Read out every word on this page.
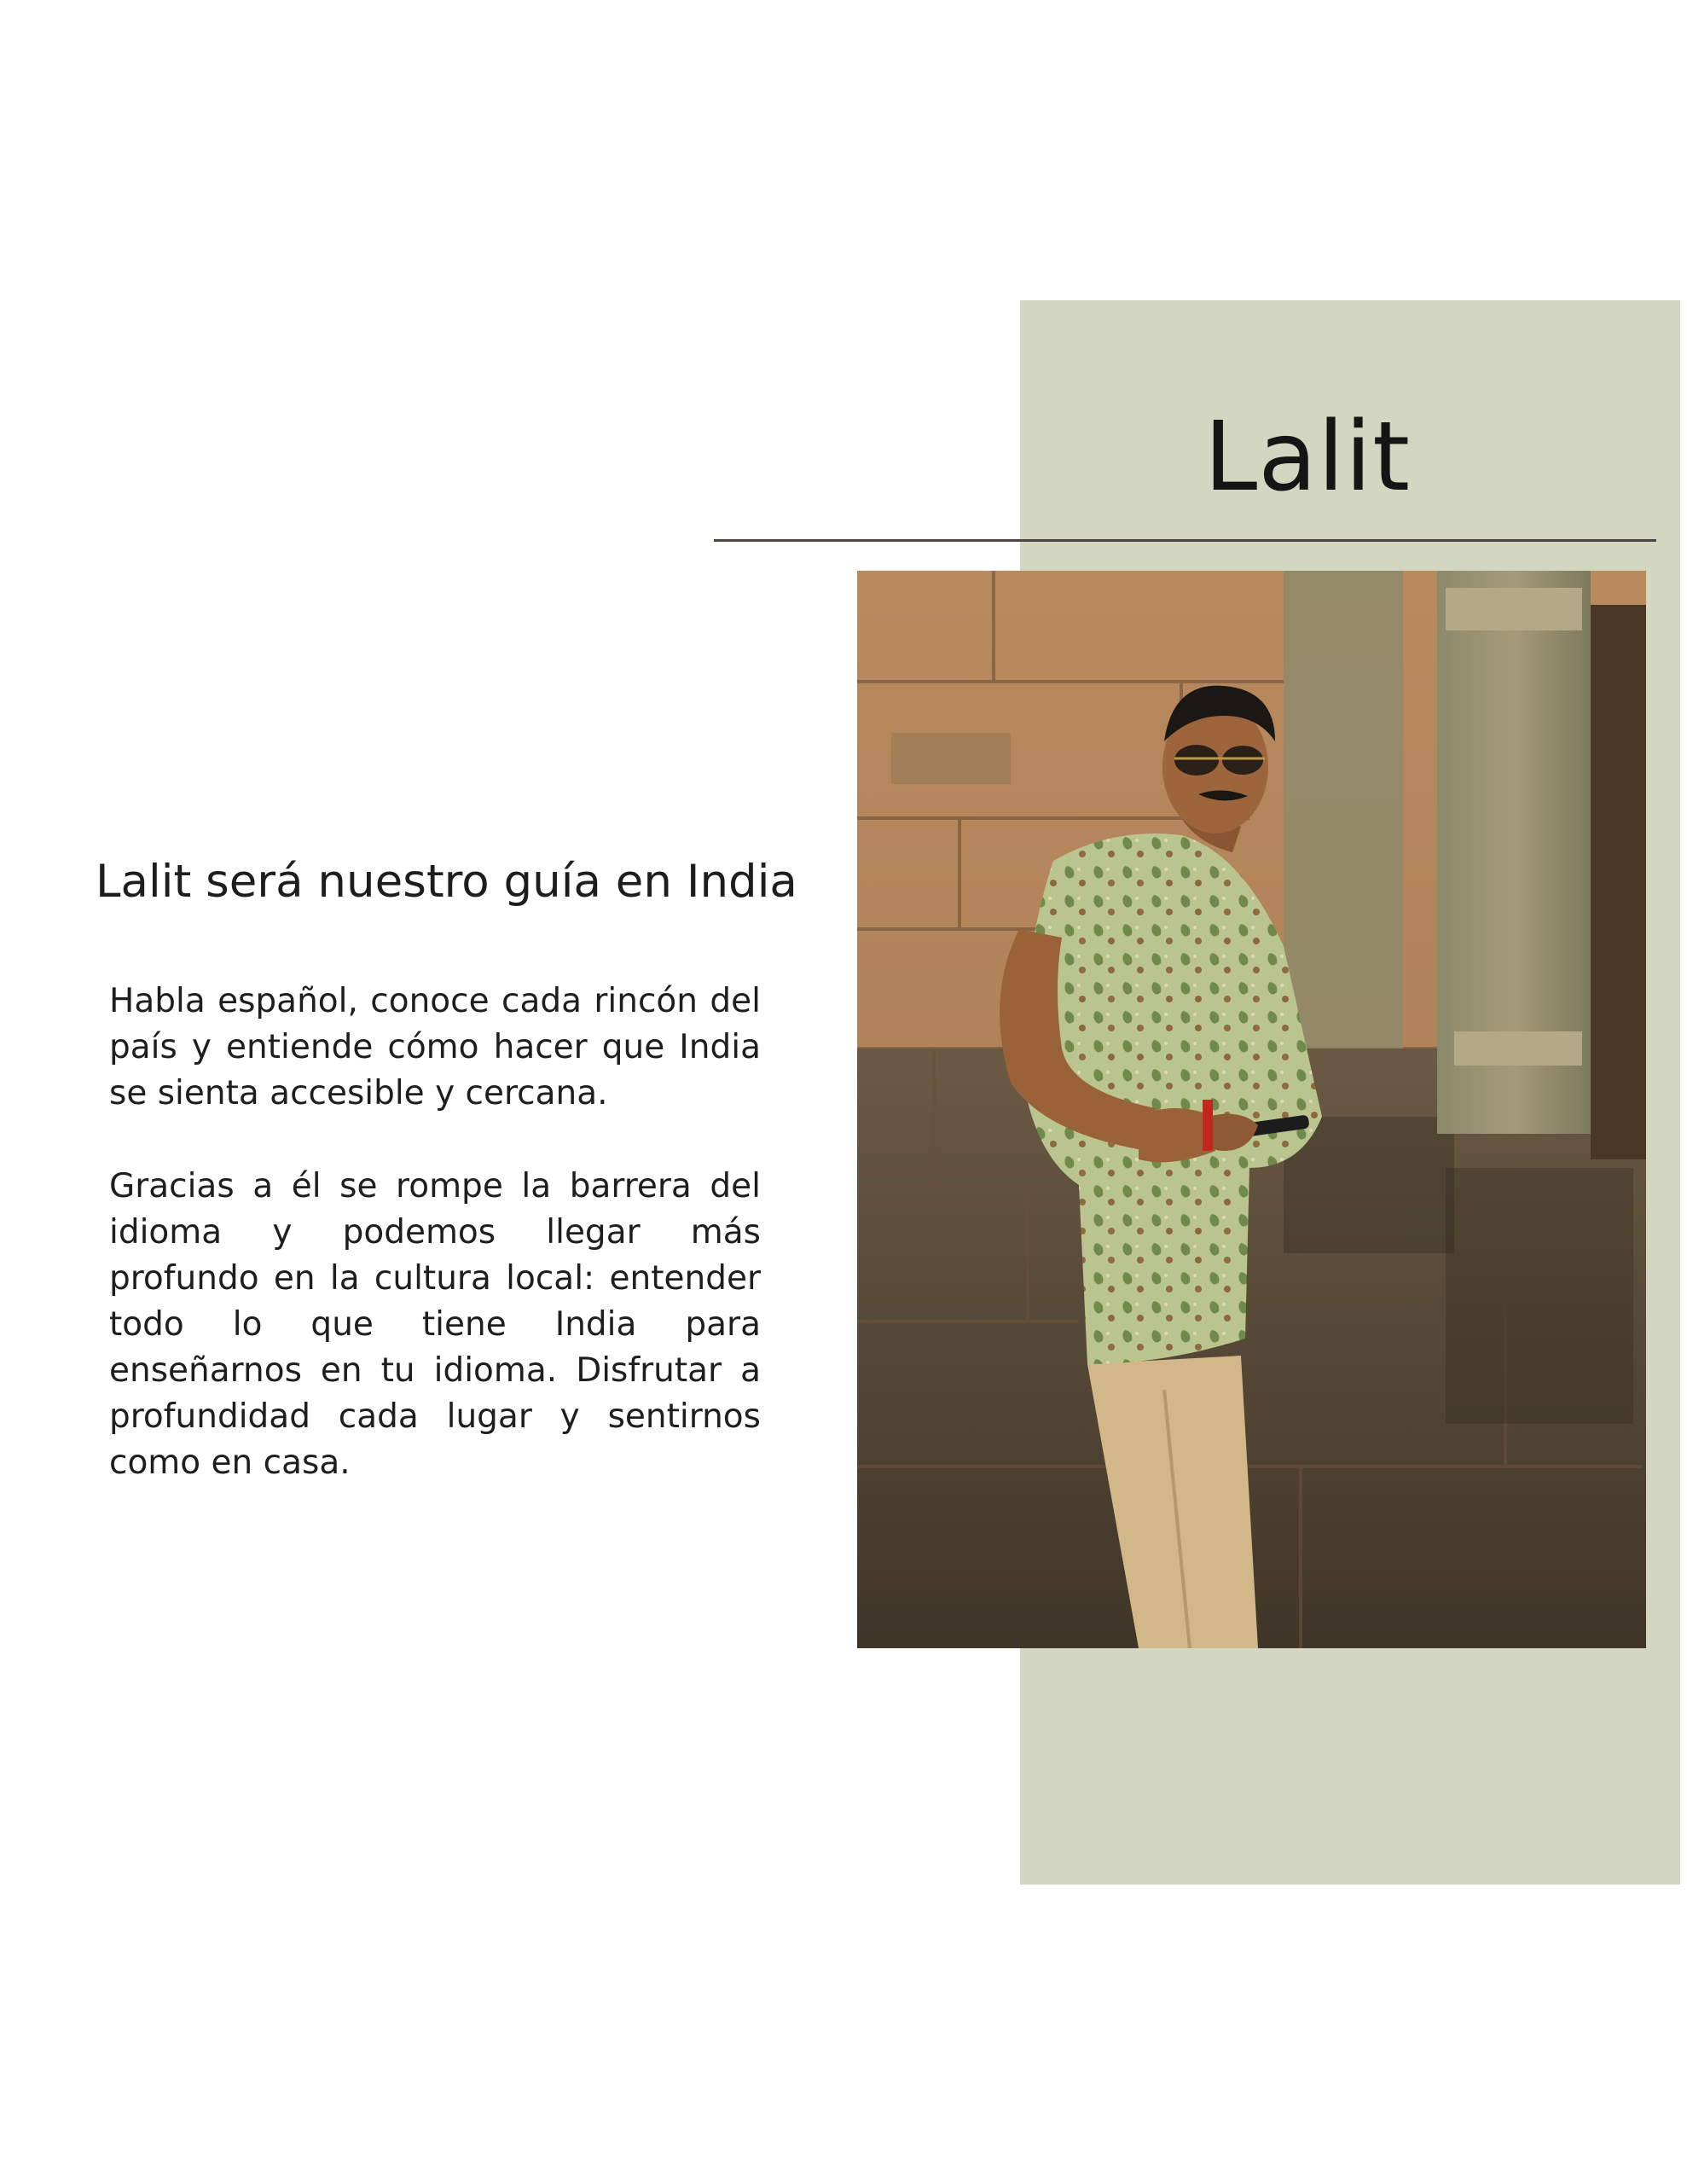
Lalit
Lalit será nuestro guía en India

Habla español, conoce cada rincón del país y entiende cómo hacer que India se sienta accesible y cercana.

Gracias a él se rompe la barrera del idioma y podemos llegar más profundo en la cultura local: entender todo lo que tiene India para enseñarnos en tu idioma. Disfrutar a profundidad cada lugar y sentirnos como en casa.
